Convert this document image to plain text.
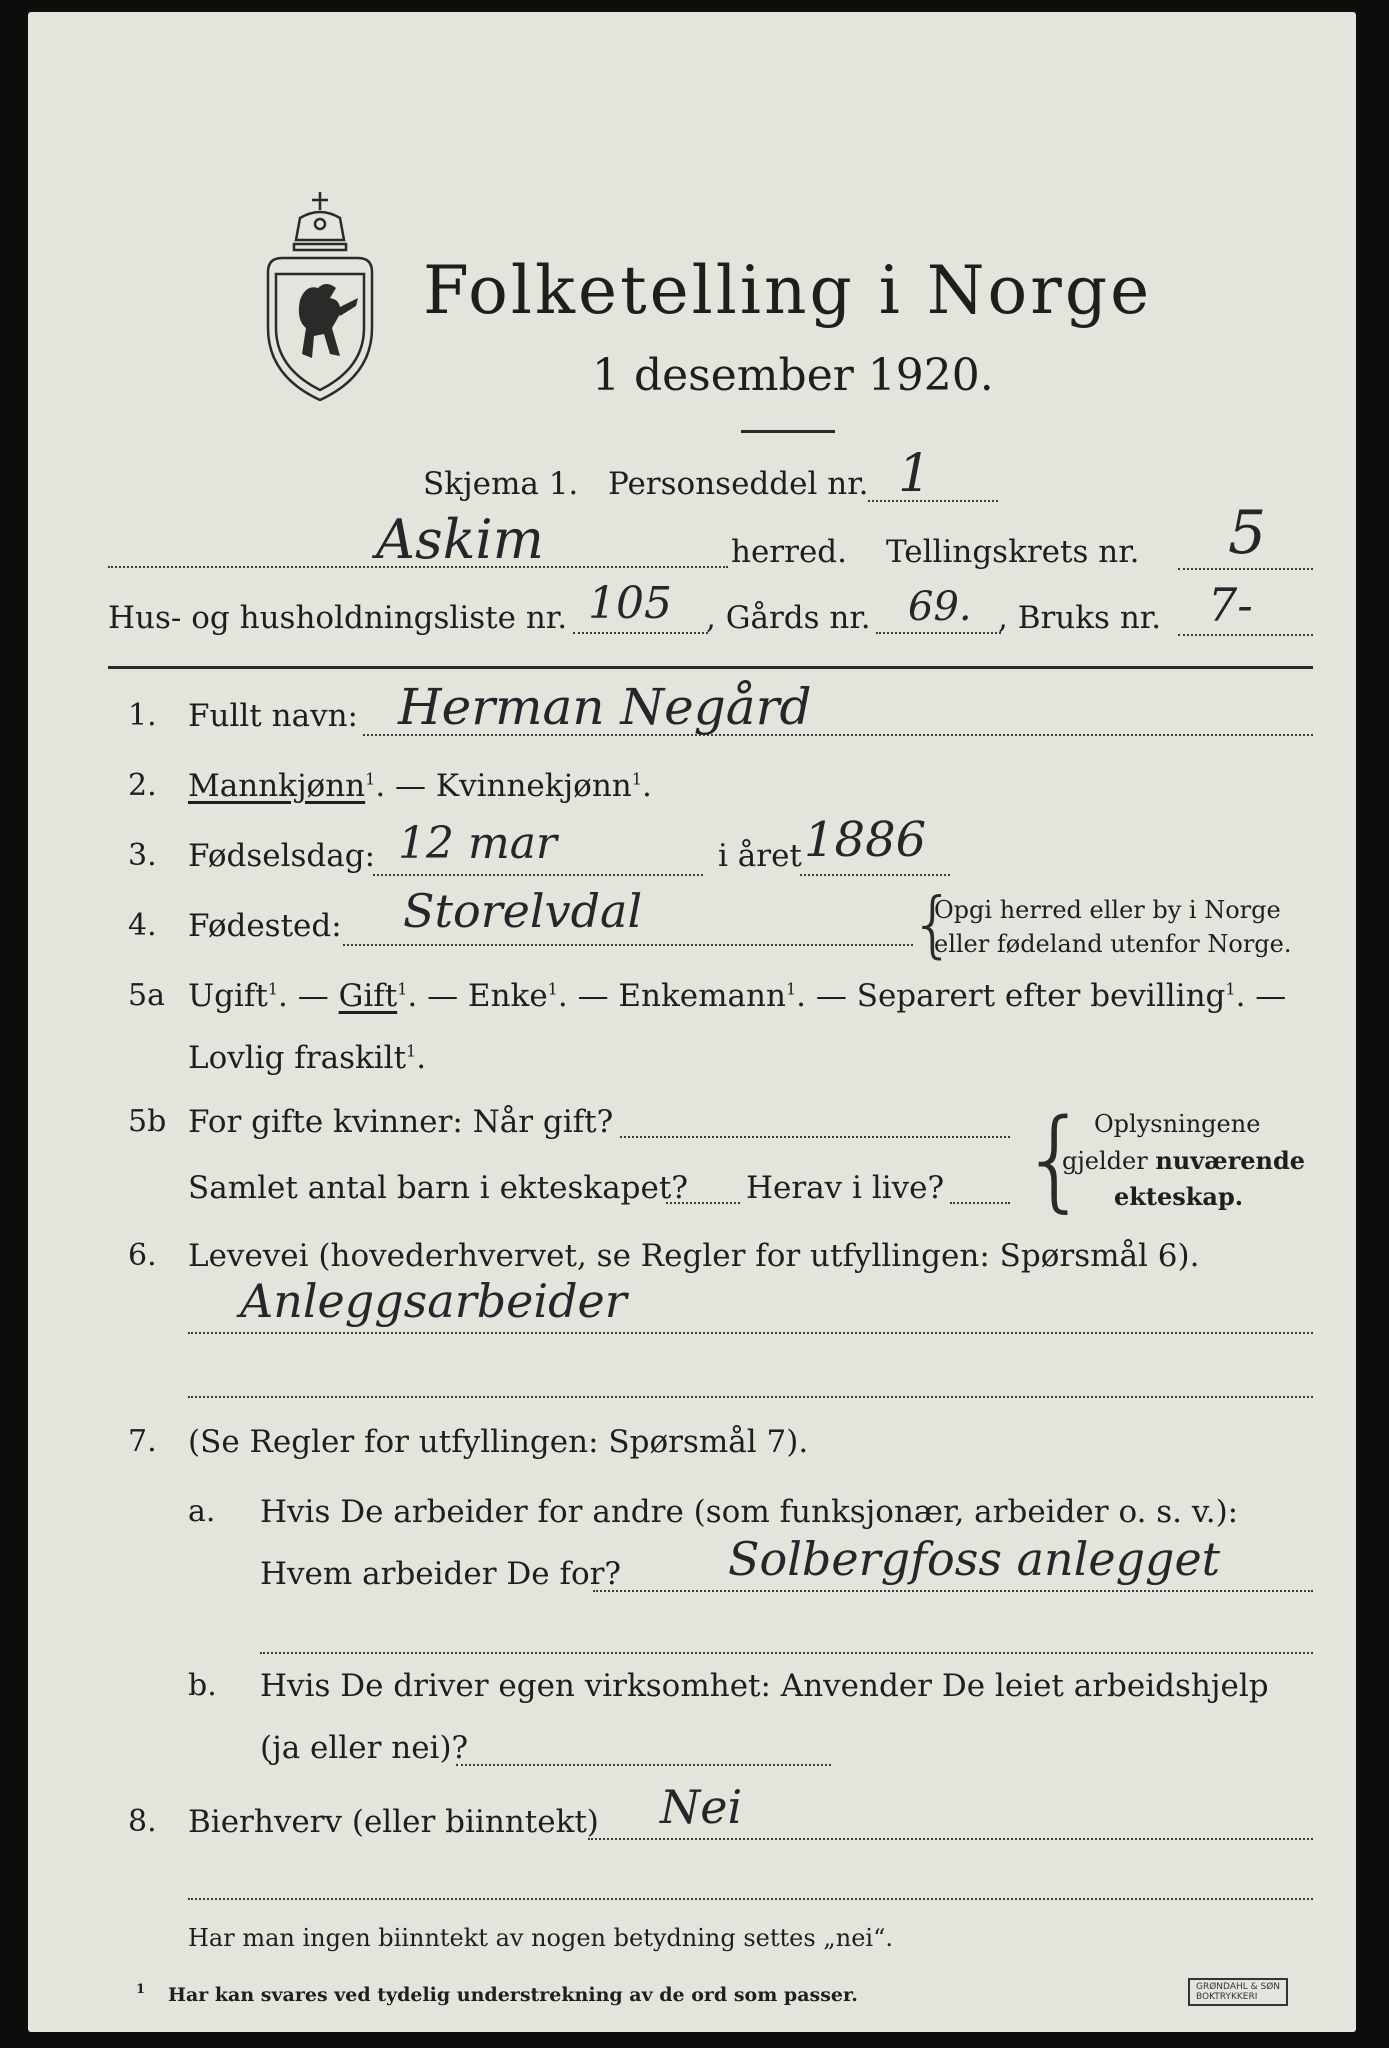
Folketelling i Norge
1 desember 1920.
Skjema 1. Personseddel nr. 1
Askim	herred. Tellingskrets nr. 5
Hus- og husholdningsliste nr. 105 , Gårds nr. 69. , Bruks nr. 7-
1. Fullt navn: Herman Negård
2. Mannkjønn$^1$. — Kvinnekjønn$^1$.
3. Fødselsdag: 12 mar	i året 1886
4. Fødested: Storelvdal	{
Opgi herred eller by i Norge
eller fødeland utenfor Norge.
5a Ugift$^1$. — Gift$^1$. — Enke$^1$. — Enkemann$^1$. — Separert efter bevilling$^1$. —
Lovlig fraskilt$^1$.
5b For gifte kvinner: Når gift?
Samlet antal barn i ekteskapet? Herav i live? { Oplysningene
gjelder nuværende
ekteskap.
6. Levevei (hovederhvervet, se Regler for utfyllingen: Spørsmål 6).
Anleggsarbeider
7. (Se Regler for utfyllingen: Spørsmål 7).
a. Hvis De arbeider for andre (som funksjonær, arbeider o. s. v.):
Hvem arbeider De for? Solbergfoss anlegget
b. Hvis De driver egen virksomhet: Anvender De leiet arbeidshjelp
(ja eller nei)?
8. Bierhverv (eller biinntekt) Nei
Har man ingen biinntekt av nogen betydning settes „nei“.
1 Har kan svares ved tydelig understrekning av de ord som passer.	GRØNDAHL & SØN
BOKTRYKKERI
